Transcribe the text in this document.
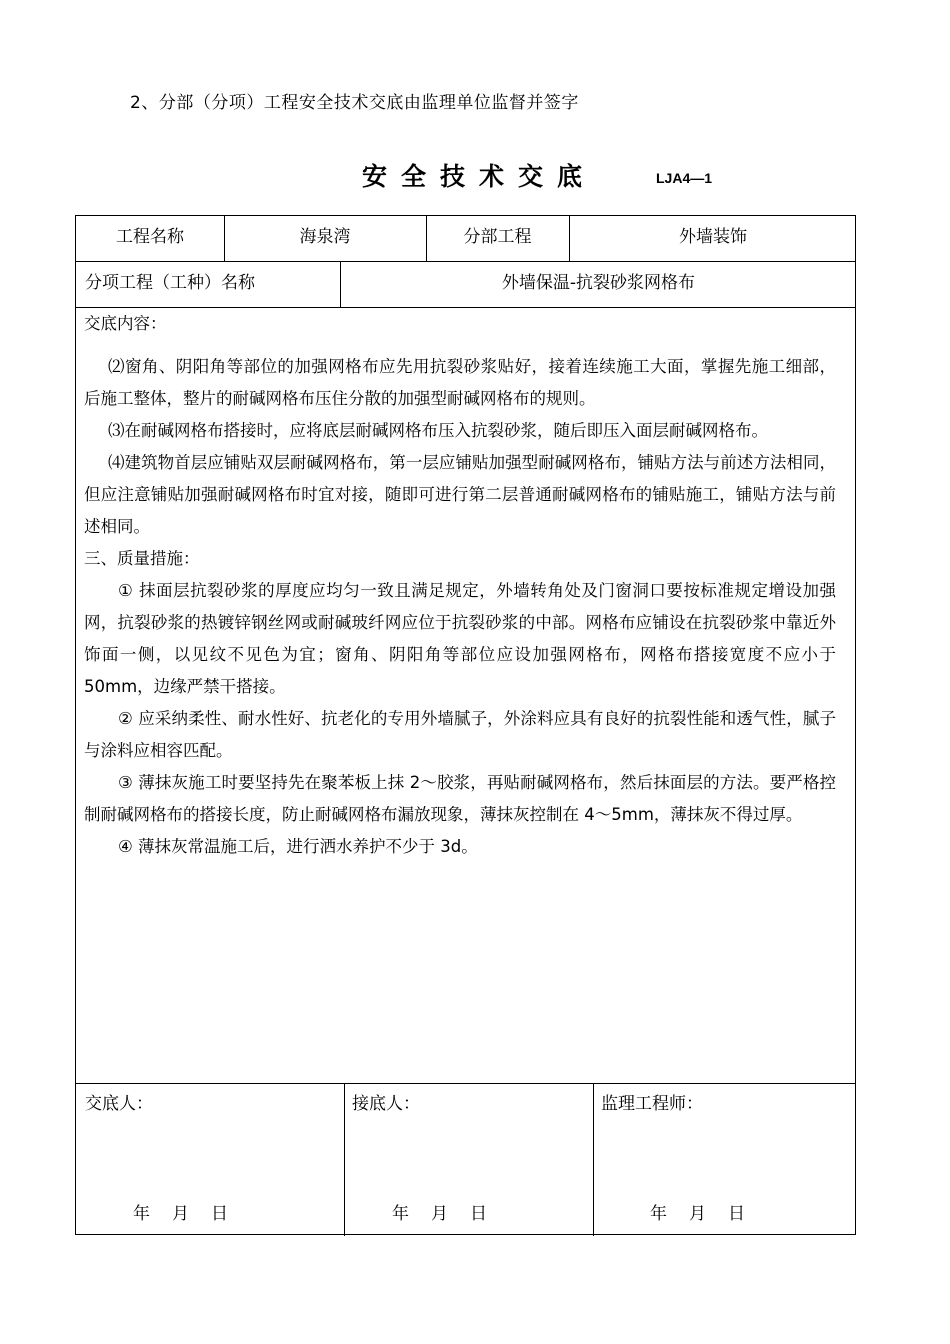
2、分部（分项）工程安全技术交底由监理单位监督并签字
安全技术交底	LJA4—1
工程名称	海泉湾	分部工程	外墙装饰
分项工程（工种）名称	外墙保温-抗裂砂浆网格布
交底内容：

⑵窗角、阴阳角等部位的加强网格布应先用抗裂砂浆贴好，接着连续施工大面，掌握先施工细部， 后施工整体，整片的耐碱网格布压住分散的加强型耐碱网格布的规则。

⑶在耐碱网格布搭接时，应将底层耐碱网格布压入抗裂砂浆，随后即压入面层耐碱网格布。

⑷建筑物首层应铺贴双层耐碱网格布，第一层应铺贴加强型耐碱网格布，铺贴方法与前述方法相同，但应注意铺贴加强耐碱网格布时宜对接，随即可进行第二层普通耐碱网格布的铺贴施工，铺贴方法与前述相同。

三、质量措施：

① 抹面层抗裂砂浆的厚度应均匀一致且满足规定，外墙转角处及门窗洞口要按标准规定增设加强网，抗裂砂浆的热镀锌钢丝网或耐碱玻纤网应位于抗裂砂浆的中部。网格布应铺设在抗裂砂浆中靠近外饰面一侧，以见纹不见色为宜；窗角、阴阳角等部位应设加强网格布，网格布搭接宽度不应小于50mm，边缘严禁干搭接。

② 应采纳柔性、耐水性好、抗老化的专用外墙腻子，外涂料应具有良好的抗裂性能和透气性，腻子与涂料应相容匹配。

③ 薄抹灰施工时要坚持先在聚苯板上抹 2～胶浆，再贴耐碱网格布，然后抹面层的方法。要严格控制耐碱网格布的搭接长度，防止耐碱网格布漏放现象，薄抹灰控制在 4～5mm，薄抹灰不得过厚。

④ 薄抹灰常温施工后，进行洒水养护不少于 3d。

交底人：	接底人：	监理工程师：
年月日	年月日	年月日
